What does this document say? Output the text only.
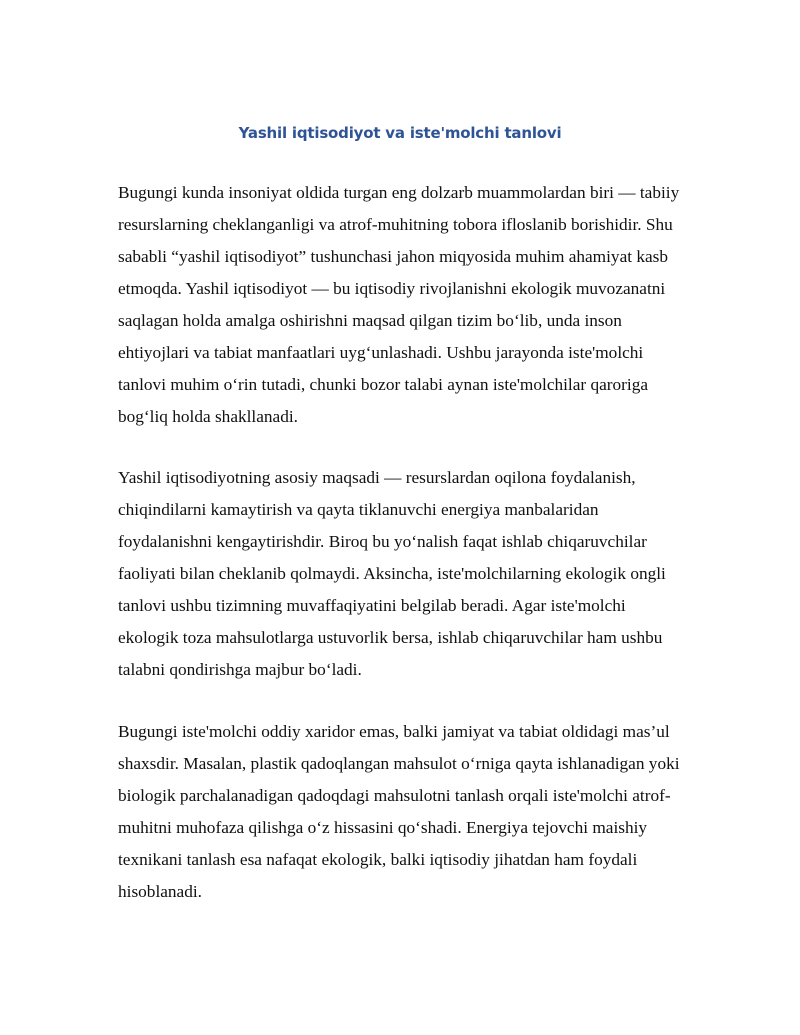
Yashil iqtisodiyot va iste'molchi tanlovi

Bugungi kunda insoniyat oldida turgan eng dolzarb muammolardan biri — tabiiy resurslarning cheklanganligi va atrof-muhitning tobora ifloslanib borishidir. Shu sababli “yashil iqtisodiyot” tushunchasi jahon miqyosida muhim ahamiyat kasb etmoqda. Yashil iqtisodiyot — bu iqtisodiy rivojlanishni ekologik muvozanatni saqlagan holda amalga oshirishni maqsad qilgan tizim bo‘lib, unda inson ehtiyojlari va tabiat manfaatlari uyg‘unlashadi. Ushbu jarayonda iste'molchi tanlovi muhim o‘rin tutadi, chunki bozor talabi aynan iste'molchilar qaroriga bog‘liq holda shakllanadi.

Yashil iqtisodiyotning asosiy maqsadi — resurslardan oqilona foydalanish, chiqindilarni kamaytirish va qayta tiklanuvchi energiya manbalaridan foydalanishni kengaytirishdir. Biroq bu yo‘nalish faqat ishlab chiqaruvchilar faoliyati bilan cheklanib qolmaydi. Aksincha, iste'molchilarning ekologik ongli tanlovi ushbu tizimning muvaffaqiyatini belgilab beradi. Agar iste'molchi ekologik toza mahsulotlarga ustuvorlik bersa, ishlab chiqaruvchilar ham ushbu talabni qondirishga majbur bo‘ladi.

Bugungi iste'molchi oddiy xaridor emas, balki jamiyat va tabiat oldidagi mas’ul shaxsdir. Masalan, plastik qadoqlangan mahsulot o‘rniga qayta ishlanadigan yoki biologik parchalanadigan qadoqdagi mahsulotni tanlash orqali iste'molchi atrof-muhitni muhofaza qilishga o‘z hissasini qo‘shadi. Energiya tejovchi maishiy texnikani tanlash esa nafaqat ekologik, balki iqtisodiy jihatdan ham foydali hisoblanadi.
